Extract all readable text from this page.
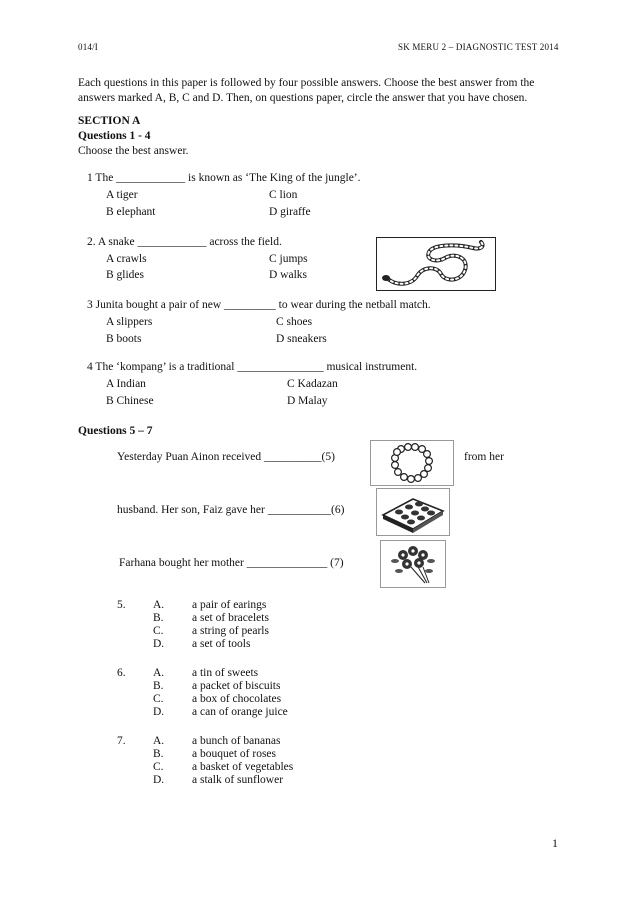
014/I	SK MERU 2 – DIAGNOSTIC TEST 2014
Each questions in this paper is followed by four possible answers. Choose the best answer from the
answers marked A, B, C and D. Then, on questions paper, circle the answer that you have chosen.
SECTION A
Questions 1 - 4
Choose the best answer.
1 The ____________ is known as ‘The King of the jungle’.
A tiger	C lion
B elephant	D giraffe
2. A snake ____________ across the field.
A crawls	C jumps
B glides	D walks
3 Junita bought a pair of new _________ to wear during the netball match.
A slippers	C shoes
B boots	D sneakers
4 The ‘kompang’ is a traditional _______________ musical instrument.
A Indian	C Kadazan
B Chinese	D Malay
Questions 5 – 7
Yesterday Puan Ainon received __________(5)	from her
husband. Her son, Faiz gave her ___________(6)
Farhana bought her mother ______________ (7)
5. A. a pair of earings
B. a set of bracelets
C. a string of pearls
D. a set of tools
6. A. a tin of sweets
B. a packet of biscuits
C. a box of chocolates
D. a can of orange juice
7. A. a bunch of bananas
B. a bouquet of roses
C. a basket of vegetables
D. a stalk of sunflower
1
